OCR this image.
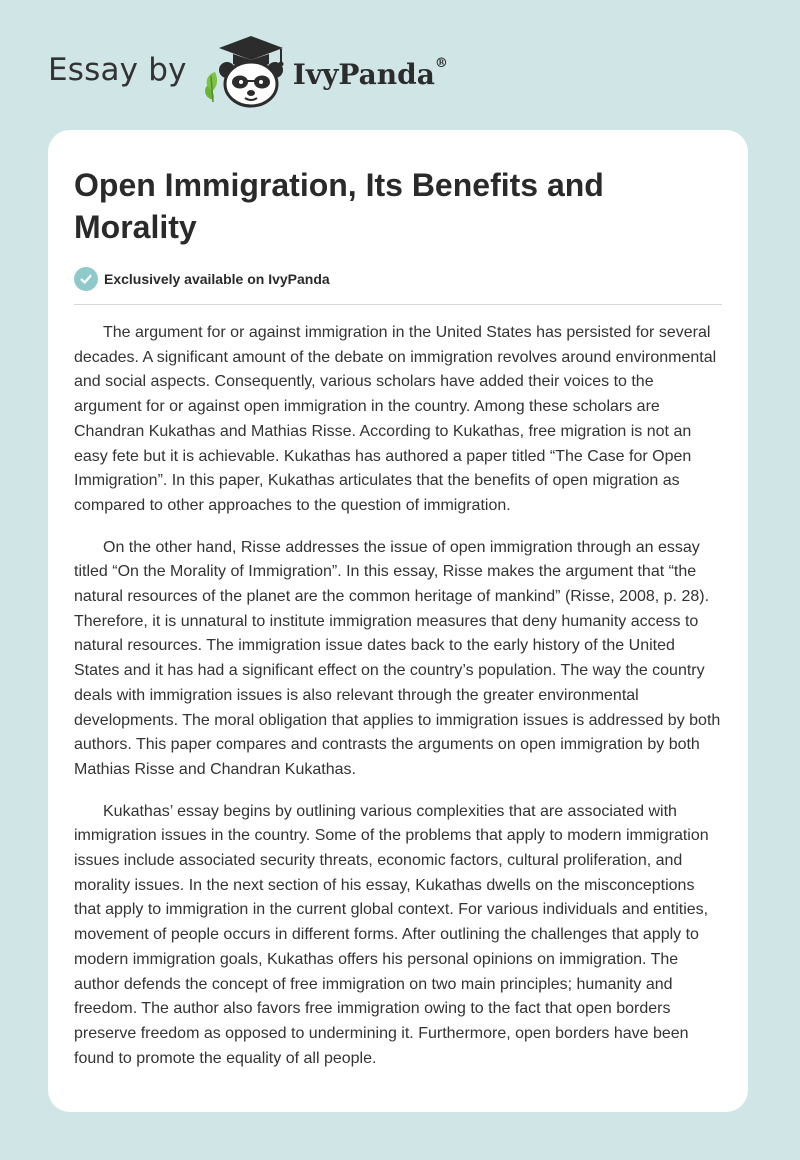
Essay by	IvyPanda®
Open Immigration, Its Benefits and Morality
Exclusively available on IvyPanda

The argument for or against immigration in the United States has persisted for several decades. A significant amount of the debate on immigration revolves around environmental and social aspects. Consequently, various scholars have added their voices to the argument for or against open immigration in the country. Among these scholars are Chandran Kukathas and Mathias Risse. According to Kukathas, free migration is not an easy fete but it is achievable. Kukathas has authored a paper titled “The Case for Open Immigration”. In this paper, Kukathas articulates that the benefits of open migration as compared to other approaches to the question of immigration.

On the other hand, Risse addresses the issue of open immigration through an essay titled “On the Morality of Immigration”. In this essay, Risse makes the argument that “the natural resources of the planet are the common heritage of mankind” (Risse, 2008, p. 28). Therefore, it is unnatural to institute immigration measures that deny humanity access to natural resources. The immigration issue dates back to the early history of the United States and it has had a significant effect on the country’s population. The way the country deals with immigration issues is also relevant through the greater environmental developments. The moral obligation that applies to immigration issues is addressed by both authors. This paper compares and contrasts the arguments on open immigration by both Mathias Risse and Chandran Kukathas.

Kukathas’ essay begins by outlining various complexities that are associated with immigration issues in the country. Some of the problems that apply to modern immigration issues include associated security threats, economic factors, cultural proliferation, and morality issues. In the next section of his essay, Kukathas dwells on the misconceptions that apply to immigration in the current global context. For various individuals and entities, movement of people occurs in different forms. After outlining the challenges that apply to modern immigration goals, Kukathas offers his personal opinions on immigration. The author defends the concept of free immigration on two main principles; humanity and freedom. The author also favors free immigration owing to the fact that open borders preserve freedom as opposed to undermining it. Furthermore, open borders have been found to promote the equality of all people.
